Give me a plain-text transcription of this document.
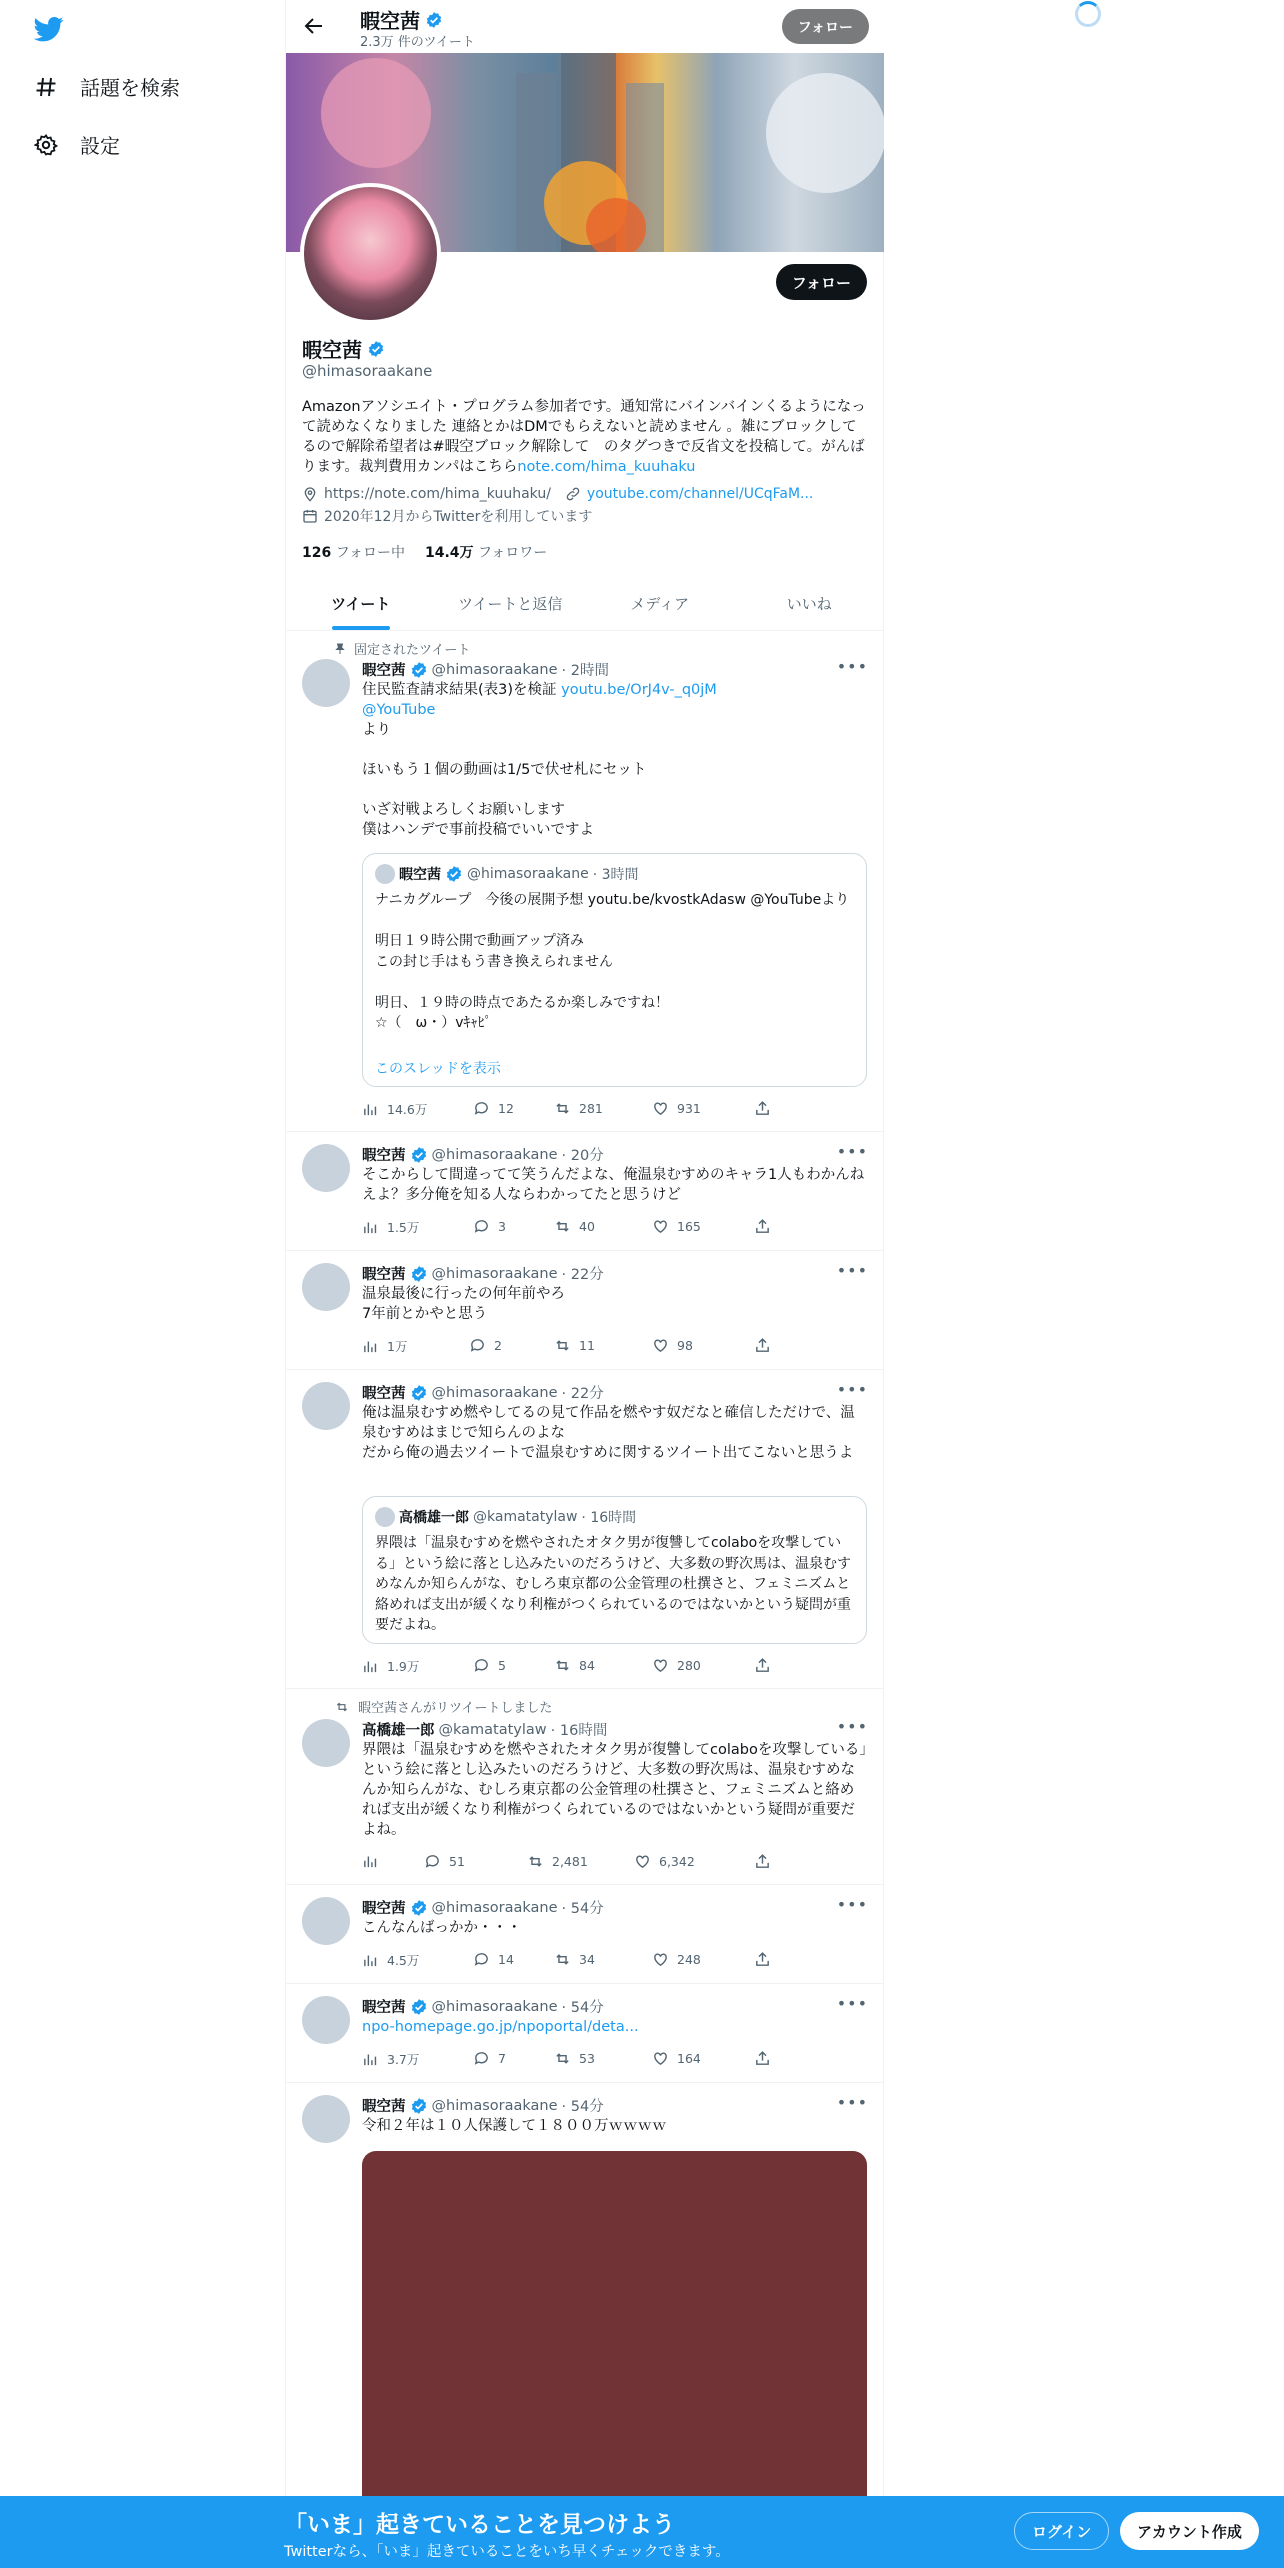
話題を検索
設定
暇空茜
2.3万 件のツイート
フォロー
フォロー
暇空茜
@himasoraakane
Amazonアソシエイト・プログラム参加者です。通知常にバインバインくるようになって読めなくなりました 連絡とかはDMでもらえないと読めません 。雑にブロックしてるので解除希望者は#暇空ブロック解除して　のタグつきで反省文を投稿して。がんばります。裁判費用カンパはこちらnote.com/hima_kuuhaku
https://note.com/hima_kuuhaku/	youtube.com/channel/UCqFaM...
2020年12月からTwitterを利用しています
126 フォロー中 14.4万 フォロワー
ツイート	ツイートと返信	メディア	いいね
固定されたツイート
暇空茜 @himasoraakane · 2時間	•••
住民監査請求結果(表3)を検証 youtu.be/OrJ4v-_q0jM
@YouTube
より

ほいもう１個の動画は1/5で伏せ札にセット

いざ対戦よろしくお願いします
僕はハンデで事前投稿でいいですよ
暇空茜 @himasoraakane · 3時間
ナニカグループ　今後の展開予想 youtu.be/kvostkAdasw @YouTubeより

明日１９時公開で動画アップ済み
この封じ手はもう書き換えられません

明日、１９時の時点であたるか楽しみですね！
☆（　ω・）vｷｬﾋﾟ
このスレッドを表示
14.6万	12	281	931
暇空茜 @himasoraakane · 20分	•••
そこからして間違ってて笑うんだよな、俺温泉むすめのキャラ1人もわかんねえよ？多分俺を知る人ならわかってたと思うけど
1.5万	3	40	165
暇空茜 @himasoraakane · 22分	•••
温泉最後に行ったの何年前やろ
7年前とかやと思う
1万	2	11	98
暇空茜 @himasoraakane · 22分	•••
俺は温泉むすめ燃やしてるの見て作品を燃やす奴だなと確信しただけで、温泉むすめはまじで知らんのよな
だから俺の過去ツイートで温泉むすめに関するツイート出てこないと思うよ
高橋雄一郎 @kamatatylaw · 16時間
界隈は「温泉むすめを燃やされたオタク男が復讐してcolaboを攻撃している」という絵に落とし込みたいのだろうけど、大多数の野次馬は、温泉むすめなんか知らんがな、むしろ東京都の公金管理の杜撰さと、フェミニズムと絡めれば支出が緩くなり利権がつくられているのではないかという疑問が重要だよね。
1.9万	5	84	280
暇空茜さんがリツイートしました
高橋雄一郎 @kamatatylaw · 16時間	•••
界隈は「温泉むすめを燃やされたオタク男が復讐してcolaboを攻撃している」という絵に落とし込みたいのだろうけど、大多数の野次馬は、温泉むすめなんか知らんがな、むしろ東京都の公金管理の杜撰さと、フェミニズムと絡めれば支出が緩くなり利権がつくられているのではないかという疑問が重要だよね。
51	2,481	6,342
暇空茜 @himasoraakane · 54分	•••
こんなんばっかか・・・
4.5万	14	34	248
暇空茜 @himasoraakane · 54分	•••
npo-homepage.go.jp/npoportal/deta...
3.7万	7	53	164
暇空茜 @himasoraakane · 54分	•••
令和２年は１０人保護して１８００万ｗｗｗｗ
「いま」起きていることを見つけよう
Twitterなら、「いま」起きていることをいち早くチェックできます。
ログイン	アカウント作成
